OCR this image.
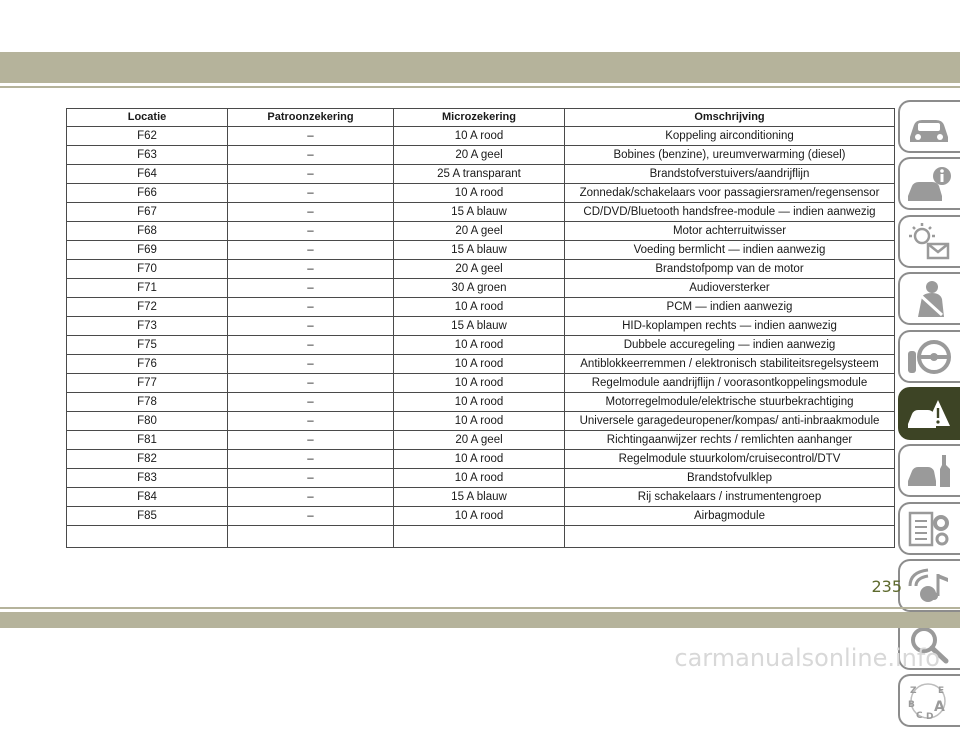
Locatie	Patroonzekering	Microzekering	Omschrijving
F62	–	10 A rood	Koppeling airconditioning
F63	–	20 A geel	Bobines (benzine), ureumverwarming (diesel)
F64	–	25 A transparant	Brandstofverstuivers/aandrijflijn
F66	–	10 A rood	Zonnedak/schakelaars voor passagiersramen/regensensor
F67	–	15 A blauw	CD/DVD/Bluetooth handsfree-module — indien aanwezig
F68	–	20 A geel	Motor achterruitwisser
F69	–	15 A blauw	Voeding bermlicht — indien aanwezig
F70	–	20 A geel	Brandstofpomp van de motor
F71	–	30 A groen	Audioversterker
F72	–	10 A rood	PCM — indien aanwezig
F73	–	15 A blauw	HID-koplampen rechts — indien aanwezig
F75	–	10 A rood	Dubbele accuregeling — indien aanwezig
F76	–	10 A rood	Antiblokkeerremmen / elektronisch stabiliteitsregelsysteem
F77	–	10 A rood	Regelmodule aandrijflijn / voorasontkoppelingsmodule
F78	–	10 A rood	Motorregelmodule/elektrische stuurbekrachtiging
F80	–	10 A rood	Universele garagedeuropener/kompas/ anti-inbraakmodule
F81	–	20 A geel	Richtingaanwijzer rechts / remlichten aanhanger
F82	–	10 A rood	Regelmodule stuurkolom/cruisecontrol/DTV
F83	–	10 A rood	Brandstofvulklep
F84	–	15 A blauw	Rij schakelaars / instrumentengroep
F85	–	10 A rood	Airbagmodule

Z E
B A
C D
235
carmanualsonline.info
